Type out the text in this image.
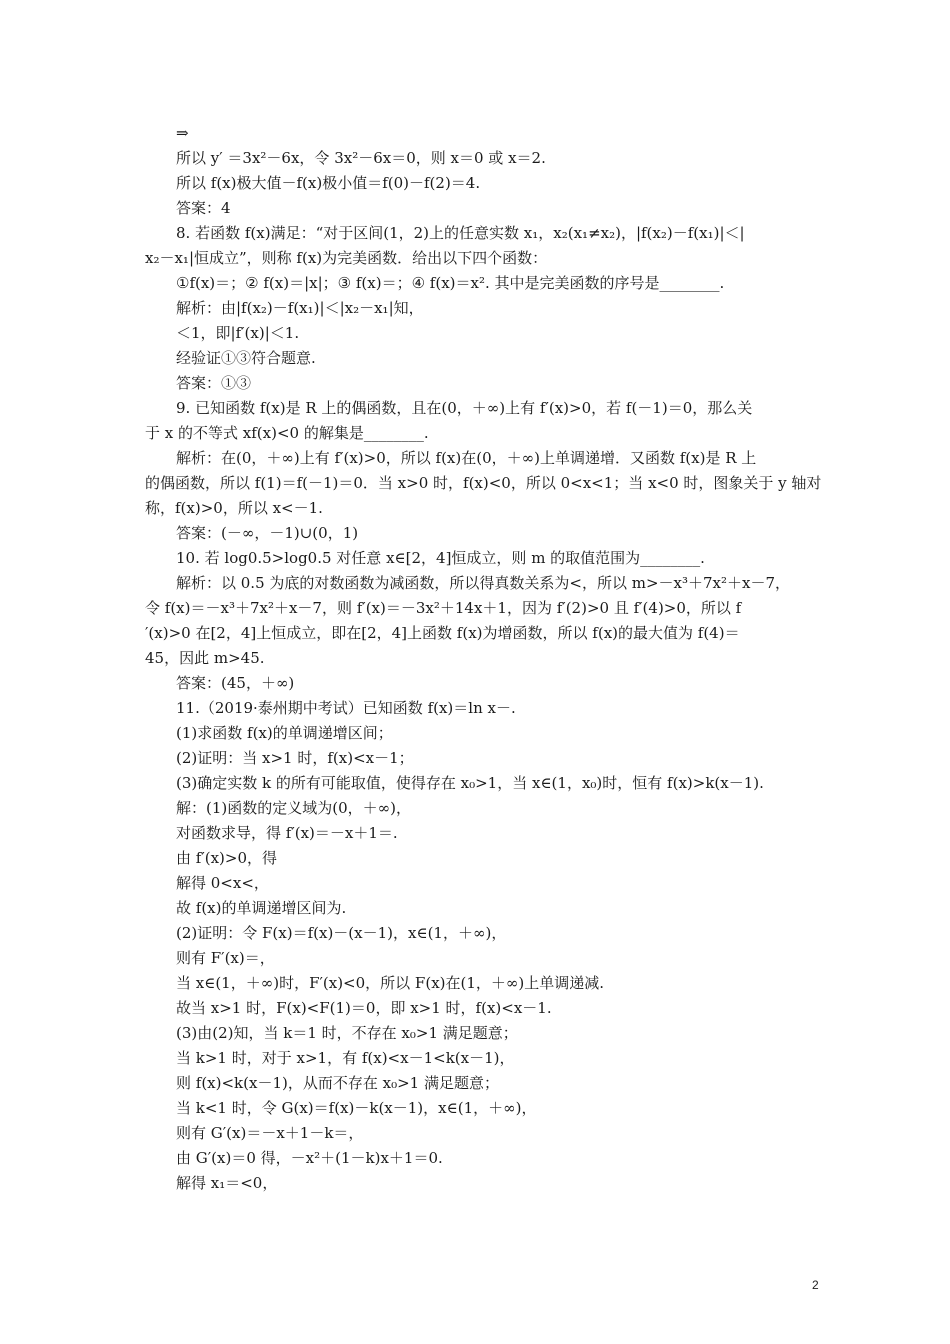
⇒
所以 y′ ＝3x²－6x，令 3x²－6x＝0，则 x＝0 或 x＝2.
所以 f(x)极大值－f(x)极小值＝f(0)－f(2)＝4.
答案：4
8. 若函数 f(x)满足：“对于区间(1，2)上的任意实数 x₁，x₂(x₁≠x₂)，|f(x₂)－f(x₁)|＜|
x₂－x₁|恒成立”，则称 f(x)为完美函数．给出以下四个函数：
①f(x)＝；② f(x)＝|x|；③ f(x)＝；④ f(x)＝x². 其中是完美函数的序号是________.
解析：由|f(x₂)－f(x₁)|＜|x₂－x₁|知，
＜1，即|f′(x)|＜1.
经验证①③符合题意.
答案：①③
9. 已知函数 f(x)是 R 上的偶函数，且在(0，＋∞)上有 f′(x)>0，若 f(－1)＝0，那么关
于 x 的不等式 xf(x)<0 的解集是________.
解析：在(0，＋∞)上有 f′(x)>0，所以 f(x)在(0，＋∞)上单调递增．又函数 f(x)是 R 上
的偶函数，所以 f(1)＝f(－1)＝0．当 x>0 时，f(x)<0，所以 0<x<1；当 x<0 时，图象关于 y 轴对
称，f(x)>0，所以 x<－1.
答案：(－∞，－1)∪(0，1)
10. 若 log0.5>log0.5 对任意 x∈[2，4]恒成立，则 m 的取值范围为________.
解析：以 0.5 为底的对数函数为减函数，所以得真数关系为<，所以 m>－x³＋7x²＋x－7，
令 f(x)＝－x³＋7x²＋x－7，则 f′(x)＝－3x²＋14x＋1，因为 f′(2)>0 且 f′(4)>0，所以 f
′(x)>0 在[2，4]上恒成立，即在[2，4]上函数 f(x)为增函数，所以 f(x)的最大值为 f(4)＝
45，因此 m>45.
答案：(45，＋∞)
11.（2019·泰州期中考试）已知函数 f(x)＝ln x－.
(1)求函数 f(x)的单调递增区间；
(2)证明：当 x>1 时，f(x)<x－1；
(3)确定实数 k 的所有可能取值，使得存在 x₀>1，当 x∈(1，x₀)时，恒有 f(x)>k(x－1).
解：(1)函数的定义域为(0，＋∞)，
对函数求导，得 f′(x)＝－x＋1＝.
由 f′(x)>0，得
解得 0<x<，
故 f(x)的单调递增区间为.
(2)证明：令 F(x)＝f(x)－(x－1)，x∈(1，＋∞)，
则有 F′(x)＝，
当 x∈(1，＋∞)时，F′(x)<0，所以 F(x)在(1，＋∞)上单调递减.
故当 x>1 时，F(x)<F(1)＝0，即 x>1 时，f(x)<x－1.
(3)由(2)知，当 k＝1 时，不存在 x₀>1 满足题意；
当 k>1 时，对于 x>1，有 f(x)<x－1<k(x－1)，
则 f(x)<k(x－1)，从而不存在 x₀>1 满足题意；
当 k<1 时，令 G(x)＝f(x)－k(x－1)，x∈(1，＋∞)，
则有 G′(x)＝－x＋1－k＝，
由 G′(x)＝0 得，－x²＋(1－k)x＋1＝0.
解得 x₁＝<0，
2
